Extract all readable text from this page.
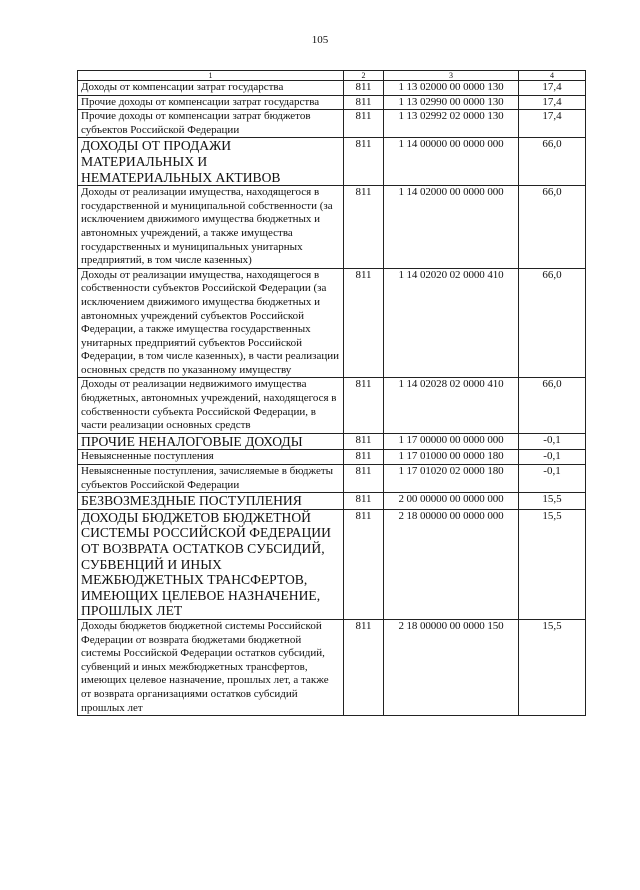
105
1	2	3	4
Доходы от компенсации затрат государства	811	1 13 02000 00 0000 130	17,4
Прочие доходы от компенсации затрат государства	811	1 13 02990 00 0000 130	17,4
Прочие доходы от компенсации затрат бюджетов субъектов Российской Федерации	811	1 13 02992 02 0000 130	17,4
ДОХОДЫ ОТ ПРОДАЖИ МАТЕРИАЛЬНЫХ И НЕМАТЕРИАЛЬНЫХ АКТИВОВ	811	1 14 00000 00 0000 000	66,0
Доходы от реализации имущества, находящегося в государственной и муниципальной собственности (за исключением движимого имущества бюджетных и автономных учреждений, а также имущества государственных и муниципальных унитарных предприятий, в том числе казенных)	811	1 14 02000 00 0000 000	66,0
Доходы от реализации имущества, находящегося в собственности субъектов Российской Федерации (за исключением движимого имущества бюджетных и автономных учреждений субъектов Российской Федерации, а также имущества государственных унитарных предприятий субъектов Российской Федерации, в том числе казенных), в части реализации основных средств по указанному имуществу	811	1 14 02020 02 0000 410	66,0
Доходы от реализации недвижимого имущества бюджетных, автономных учреждений, находящегося в собственности субъекта Российской Федерации, в части реализации основных средств	811	1 14 02028 02 0000 410	66,0
ПРОЧИЕ НЕНАЛОГОВЫЕ ДОХОДЫ	811	1 17 00000 00 0000 000	-0,1
Невыясненные поступления	811	1 17 01000 00 0000 180	-0,1
Невыясненные поступления, зачисляемые в бюджеты субъектов Российской Федерации	811	1 17 01020 02 0000 180	-0,1
БЕЗВОЗМЕЗДНЫЕ ПОСТУПЛЕНИЯ	811	2 00 00000 00 0000 000	15,5
ДОХОДЫ БЮДЖЕТОВ БЮДЖЕТНОЙ СИСТЕМЫ РОССИЙСКОЙ ФЕДЕРАЦИИ ОТ ВОЗВРАТА ОСТАТКОВ СУБСИДИЙ, СУБВЕНЦИЙ И ИНЫХ МЕЖБЮДЖЕТНЫХ ТРАНСФЕРТОВ, ИМЕЮЩИХ ЦЕЛЕВОЕ НАЗНАЧЕНИЕ, ПРОШЛЫХ ЛЕТ	811	2 18 00000 00 0000 000	15,5
Доходы бюджетов бюджетной системы Российской Федерации от возврата бюджетами бюджетной системы Российской Федерации остатков субсидий, субвенций и иных межбюджетных трансфертов, имеющих целевое назначение, прошлых лет, а также от возврата организациями остатков субсидий прошлых лет	811	2 18 00000 00 0000 150	15,5
